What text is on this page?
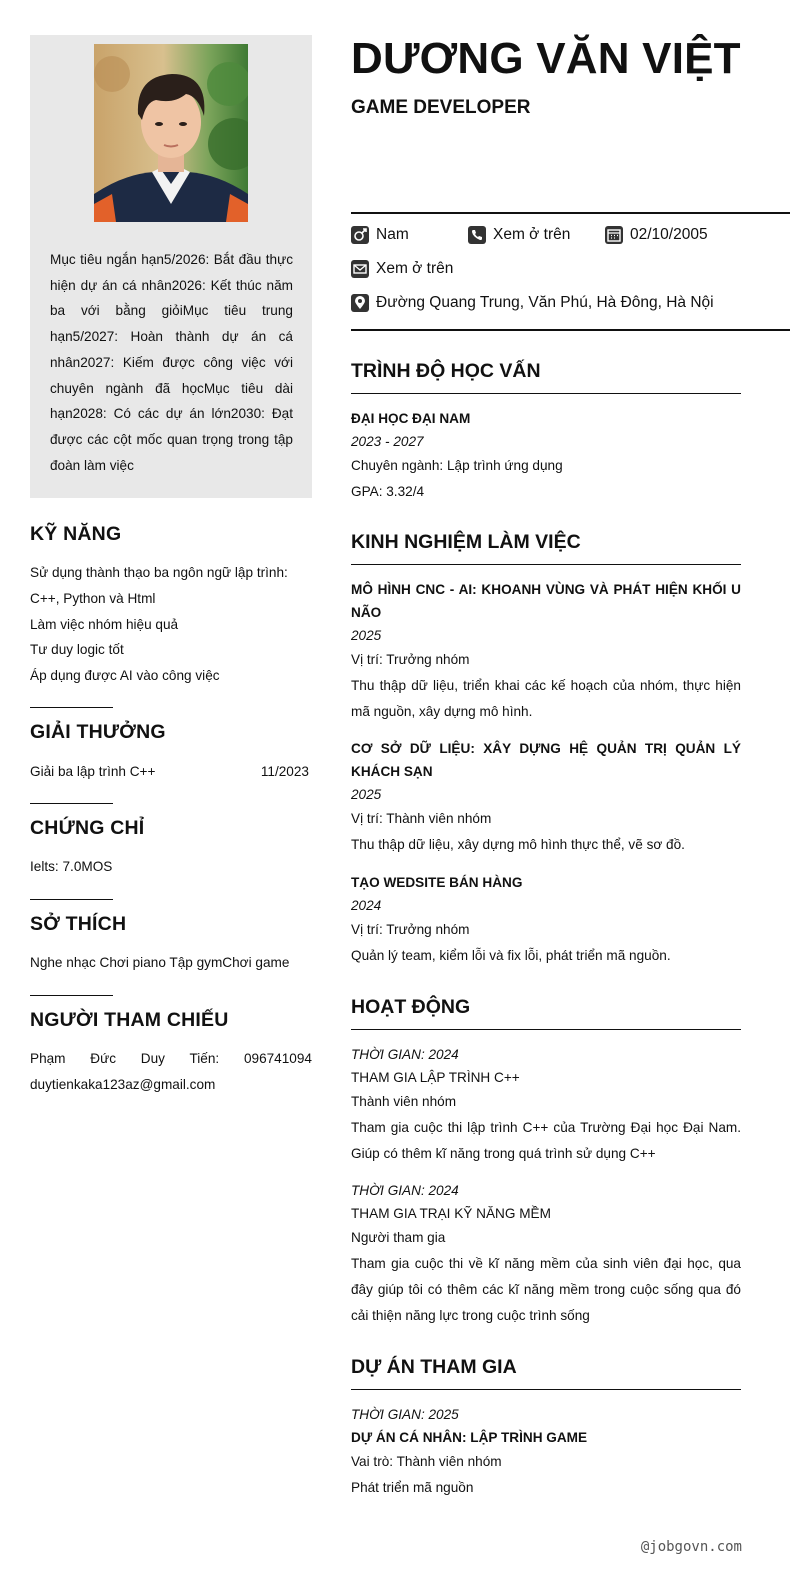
Mục tiêu ngắn hạn5/2026: Bắt đầu thực hiện dự án cá nhân2026: Kết thúc năm ba với bằng giỏiMục tiêu trung hạn5/2027: Hoàn thành dự án cá nhân2027: Kiếm được công việc với chuyên ngành đã họcMục tiêu dài hạn2028: Có các dự án lớn2030: Đạt được các cột mốc quan trọng trong tập đoàn làm việc

KỸ NĂNG
Sử dụng thành thạo ba ngôn ngữ lập trình: C++, Python và Html
Làm việc nhóm hiệu quả
Tư duy logic tốt
Áp dụng được AI vào công việc
GIẢI THƯỞNG
Giải ba lập trình C++	11/2023
CHỨNG CHỈ
Ielts: 7.0MOS
SỞ THÍCH
Nghe nhạc Chơi piano Tập gymChơi game
NGƯỜI THAM CHIẾU
Phạm Đức Duy Tiến: 096741094 duytienkaka123az@gmail.com
DƯƠNG VĂN VIỆT
GAME DEVELOPER
Nam	Xem ở trên	02/10/2005
Xem ở trên
Đường Quang Trung, Văn Phú, Hà Đông, Hà Nội
TRÌNH ĐỘ HỌC VẤN
ĐẠI HỌC ĐẠI NAM
2023 - 2027
Chuyên ngành: Lập trình ứng dụng
GPA: 3.32/4
KINH NGHIỆM LÀM VIỆC
MÔ HÌNH CNC - AI: KHOANH VÙNG VÀ PHÁT HIỆN KHỐI U NÃO
2025
Vị trí: Trưởng nhóm
Thu thập dữ liệu, triển khai các kế hoạch của nhóm, thực hiện mã nguồn, xây dựng mô hình.
CƠ SỞ DỮ LIỆU: XÂY DỰNG HỆ QUẢN TRỊ QUẢN LÝ KHÁCH SẠN
2025
Vị trí: Thành viên nhóm
Thu thập dữ liệu, xây dựng mô hình thực thể, vẽ sơ đồ.
TẠO WEDSITE BÁN HÀNG
2024
Vị trí: Trưởng nhóm
Quản lý team, kiểm lỗi và fix lỗi, phát triển mã nguồn.
HOẠT ĐỘNG
THỜI GIAN: 2024
THAM GIA LẬP TRÌNH C++
Thành viên nhóm
Tham gia cuộc thi lập trình C++ của Trường Đại học Đại Nam. Giúp có thêm kĩ năng trong quá trình sử dụng C++
THỜI GIAN: 2024
THAM GIA TRẠI KỸ NĂNG MỀM
Người tham gia
Tham gia cuộc thi về kĩ năng mềm của sinh viên đại học, qua đây giúp tôi có thêm các kĩ năng mềm trong cuộc sống qua đó cải thiện năng lực trong cuộc trình sống
DỰ ÁN THAM GIA
THỜI GIAN: 2025
DỰ ÁN CÁ NHÂN: LẬP TRÌNH GAME
Vai trò: Thành viên nhóm
Phát triển mã nguồn
@jobgovn.com
